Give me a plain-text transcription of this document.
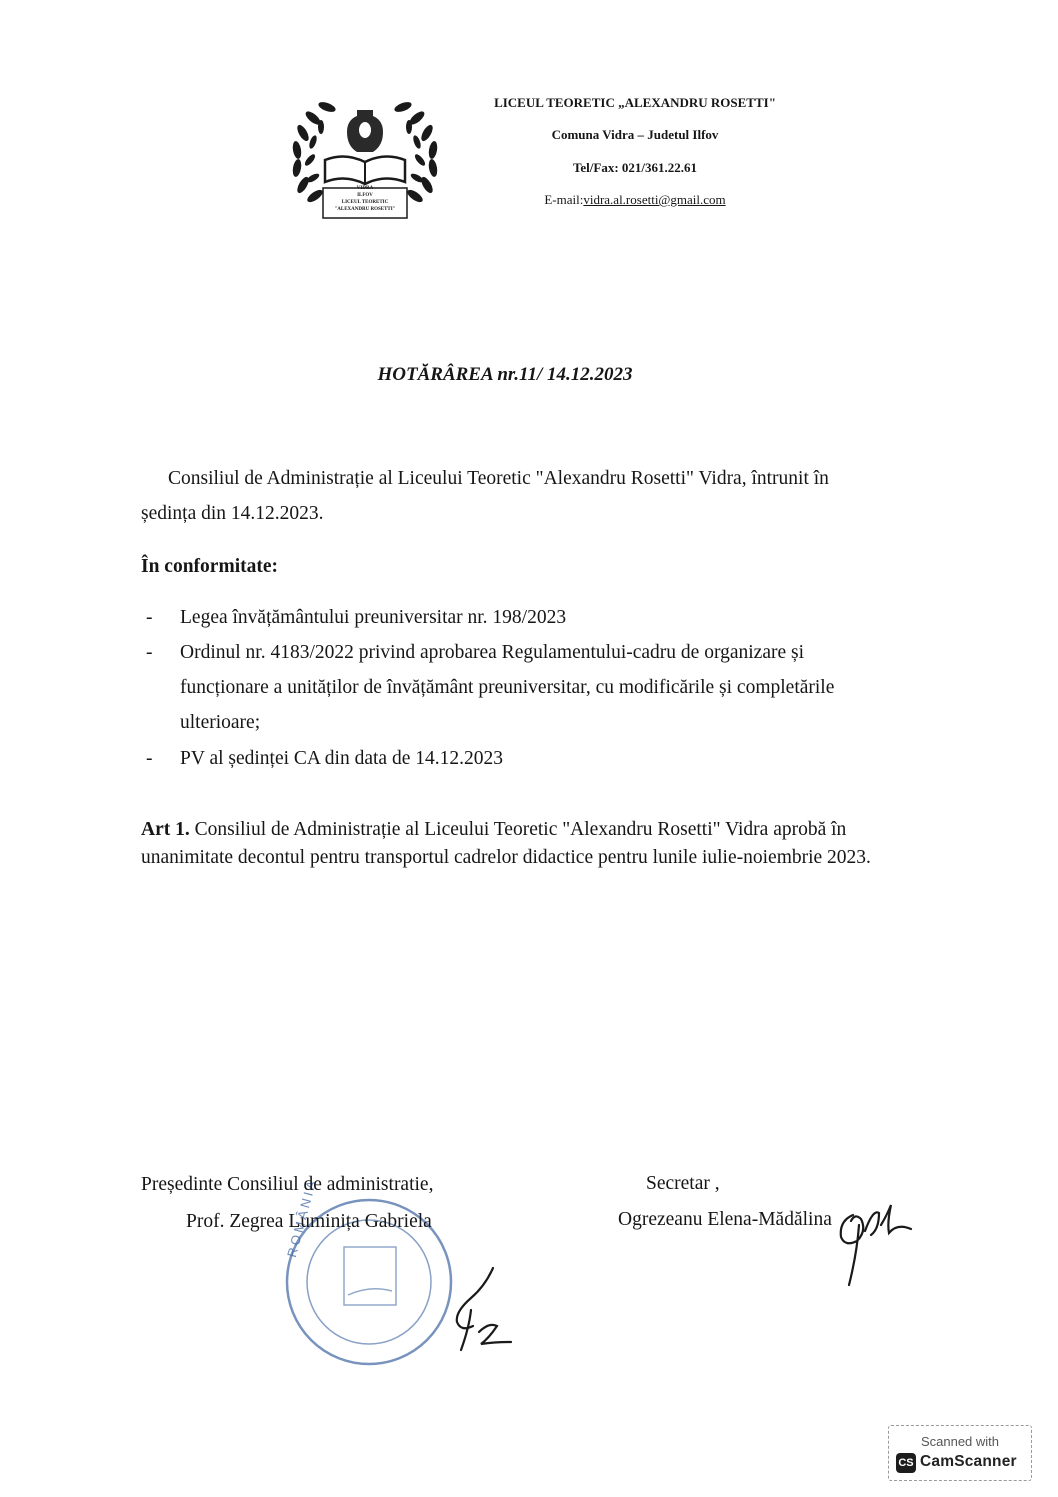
VIDRA
ILFOV
LICEUL TEORETIC
"ALEXANDRU ROSETTI"
LICEUL TEORETIC „ALEXANDRU ROSETTI"
Comuna Vidra – Judetul Ilfov
Tel/Fax: 021/361.22.61
E-mail:vidra.al.rosetti@gmail.com
HOTĂRÂREA nr.11/ 14.12.2023
Consiliul de Administrație al Liceului Teoretic "Alexandru Rosetti" Vidra, întrunit în
ședința din 14.12.2023.
În conformitate:
- Legea învățământului preuniversitar nr. 198/2023
- Ordinul nr. 4183/2022 privind aprobarea Regulamentului-cadru de organizare și
funcționare a unităților de învățământ preuniversitar, cu modificările și completările
ulterioare;
- PV al ședinței CA din data de 14.12.2023
Art 1. Consiliul de Administrație al Liceului Teoretic "Alexandru Rosetti" Vidra aprobă în
unanimitate decontul pentru transportul cadrelor didactice pentru lunile iulie-noiembrie 2023.
ROMÂNIA
Președinte Consiliul de administratie,
Prof. Zegrea Luminița Gabriela
Secretar ,
Ogrezeanu Elena-Mădălina
Scanned with
CS CamScanner
